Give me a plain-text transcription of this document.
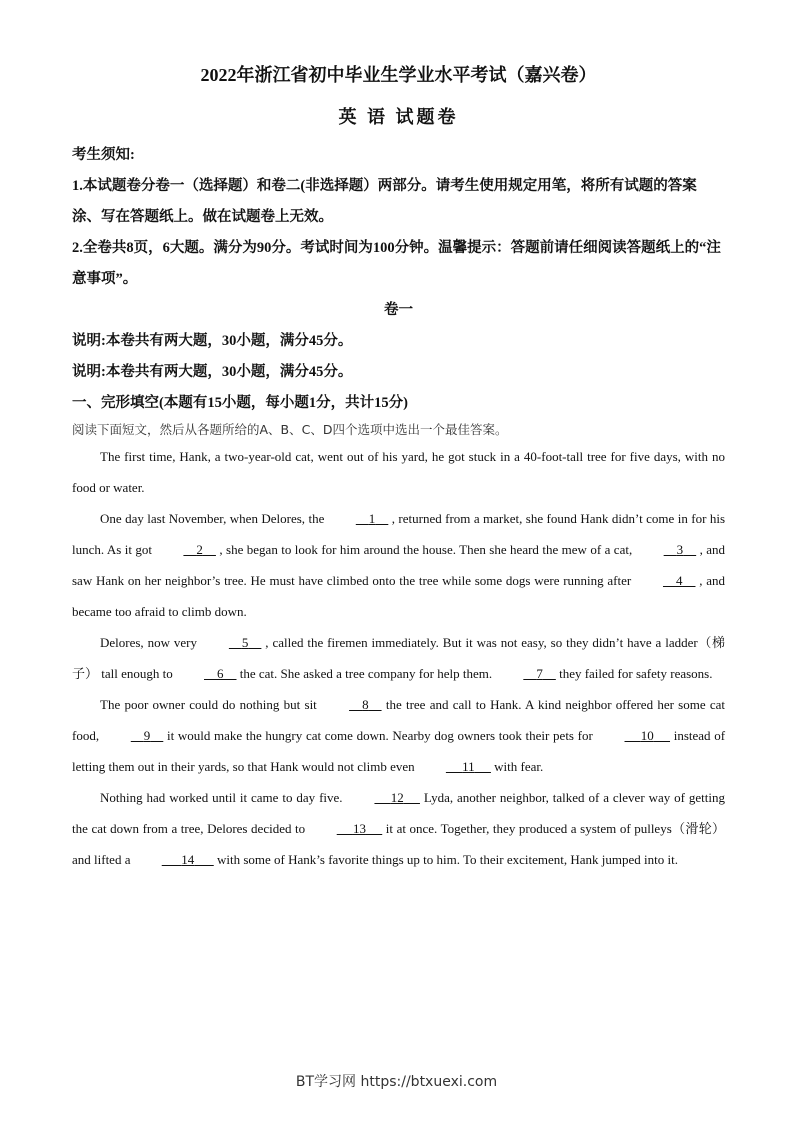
2022年浙江省初中毕业生学业水平考试（嘉兴卷）

英 语 试题卷

考生须知:

1.本试题卷分卷一（选择题）和卷二(非选择题）两部分。请考生使用规定用笔，将所有试题的答案涂、写在答题纸上。做在试题卷上无效。

2.全卷共8页，6大题。满分为90分。考试时间为100分钟。温馨提示：答题前请任细阅读答题纸上的“注意事项”。

卷一

说明:本卷共有两大题，30小题，满分45分。

说明:本卷共有两大题，30小题，满分45分。

一、完形填空(本题有15小题，每小题1分，共计15分)

阅读下面短文，然后从各题所给的A、B、C、D四个选项中选出一个最佳答案。

The first time, Hank, a two-year-old cat, went out of his yard, he got stuck in a 40-foot-tall tree for five days, with no food or water.

One day last November, when Delores, the	1 , returned from a market, she found Hank didn’t come in for his lunch. As it got	2 , she began to look for him around the house. Then she heard the mew of a cat,	3 , and saw Hank on her neighbor’s tree. He must have climbed onto the tree while some dogs were running after	4 , and became too afraid to climb down.

Delores, now very	5 , called the firemen immediately. But it was not easy, so they didn’t have a ladder（梯子） tall enough to	6 the cat. She asked a tree company for help them.	7 they failed for safety reasons.

The poor owner could do nothing but sit	8 the tree and call to Hank. A kind neighbor offered her some cat food,	9 it would make the hungry cat come down. Nearby dog owners took their pets for	10 instead of letting them out in their yards, so that Hank would not climb even	11 with fear.

Nothing had worked until it came to day five.	12 Lyda, another neighbor, talked of a clever way of getting the cat down from a tree, Delores decided to	13 it at once. Together, they produced a system of pulleys（滑轮） and lifted a	14 with some of Hank’s favorite things up to him. To their excitement, Hank jumped into it.

BT学习网 https://btxuexi.com
